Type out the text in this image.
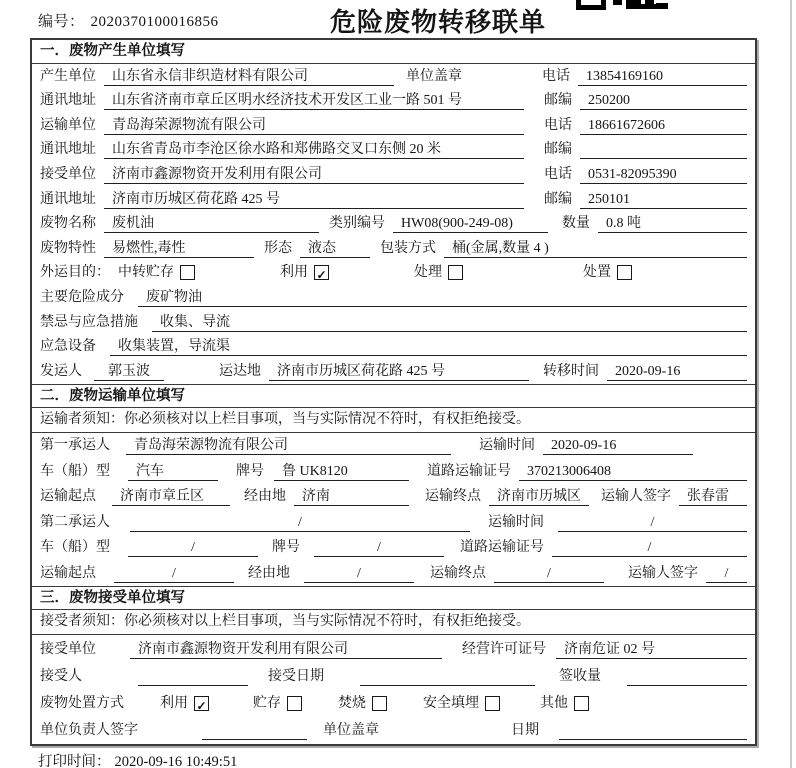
编号： 2020370100016856	危险废物转移联单
一．废物产生单位填写
产生单位	山东省永信非织造材料有限公司	单位盖章	电话	13854169160
通讯地址	山东省济南市章丘区明水经济技术开发区工业一路 501 号	邮编	250200
运输单位	青岛海荣源物流有限公司	电话	18661672606
通讯地址	山东省青岛市李沧区徐水路和郑佛路交叉口东侧 20 米	邮编
接受单位	济南市鑫源物资开发利用有限公司	电话	0531-82095390
通讯地址	济南市历城区荷花路 425 号	邮编	250101
废物名称	废机油	类别编号	HW08(900-249-08)	数量	0.8 吨
废物特性	易燃性,毒性	形态	液态	包装方式	桶(金属,数量 4 )
外运目的： 中转贮存	利用 ✓	处理	处置
主要危险成分	废矿物油
禁忌与应急措施	收集、导流
应急设备	收集装置，导流渠
发运人	郭玉波	运达地	济南市历城区荷花路 425 号	转移时间	2020-09-16
二．废物运输单位填写
运输者须知：你必须核对以上栏目事项，当与实际情况不符时，有权拒绝接受。
第一承运人	青岛海荣源物流有限公司	运输时间	2020-09-16
车（船）型	汽车	牌号	鲁 UK8120	道路运输证号	370213006408
运输起点	济南市章丘区	经由地	济南	运输终点	济南市历城区	运输人签字	张春雷
第二承运人	/	运输时间	/
车（船）型	/	牌号	/	道路运输证号	/
运输起点	/	经由地	/	运输终点	/	运输人签字	/
三．废物接受单位填写
接受者须知：你必须核对以上栏目事项，当与实际情况不符时，有权拒绝接受。
接受单位	济南市鑫源物资开发利用有限公司	经营许可证号	济南危证 02 号
接受人	接受日期	签收量
废物处置方式	利用 ✓	贮存	焚烧	安全填埋	其他
单位负责人签字	单位盖章	日期
打印时间： 2020-09-16 10:49:51
